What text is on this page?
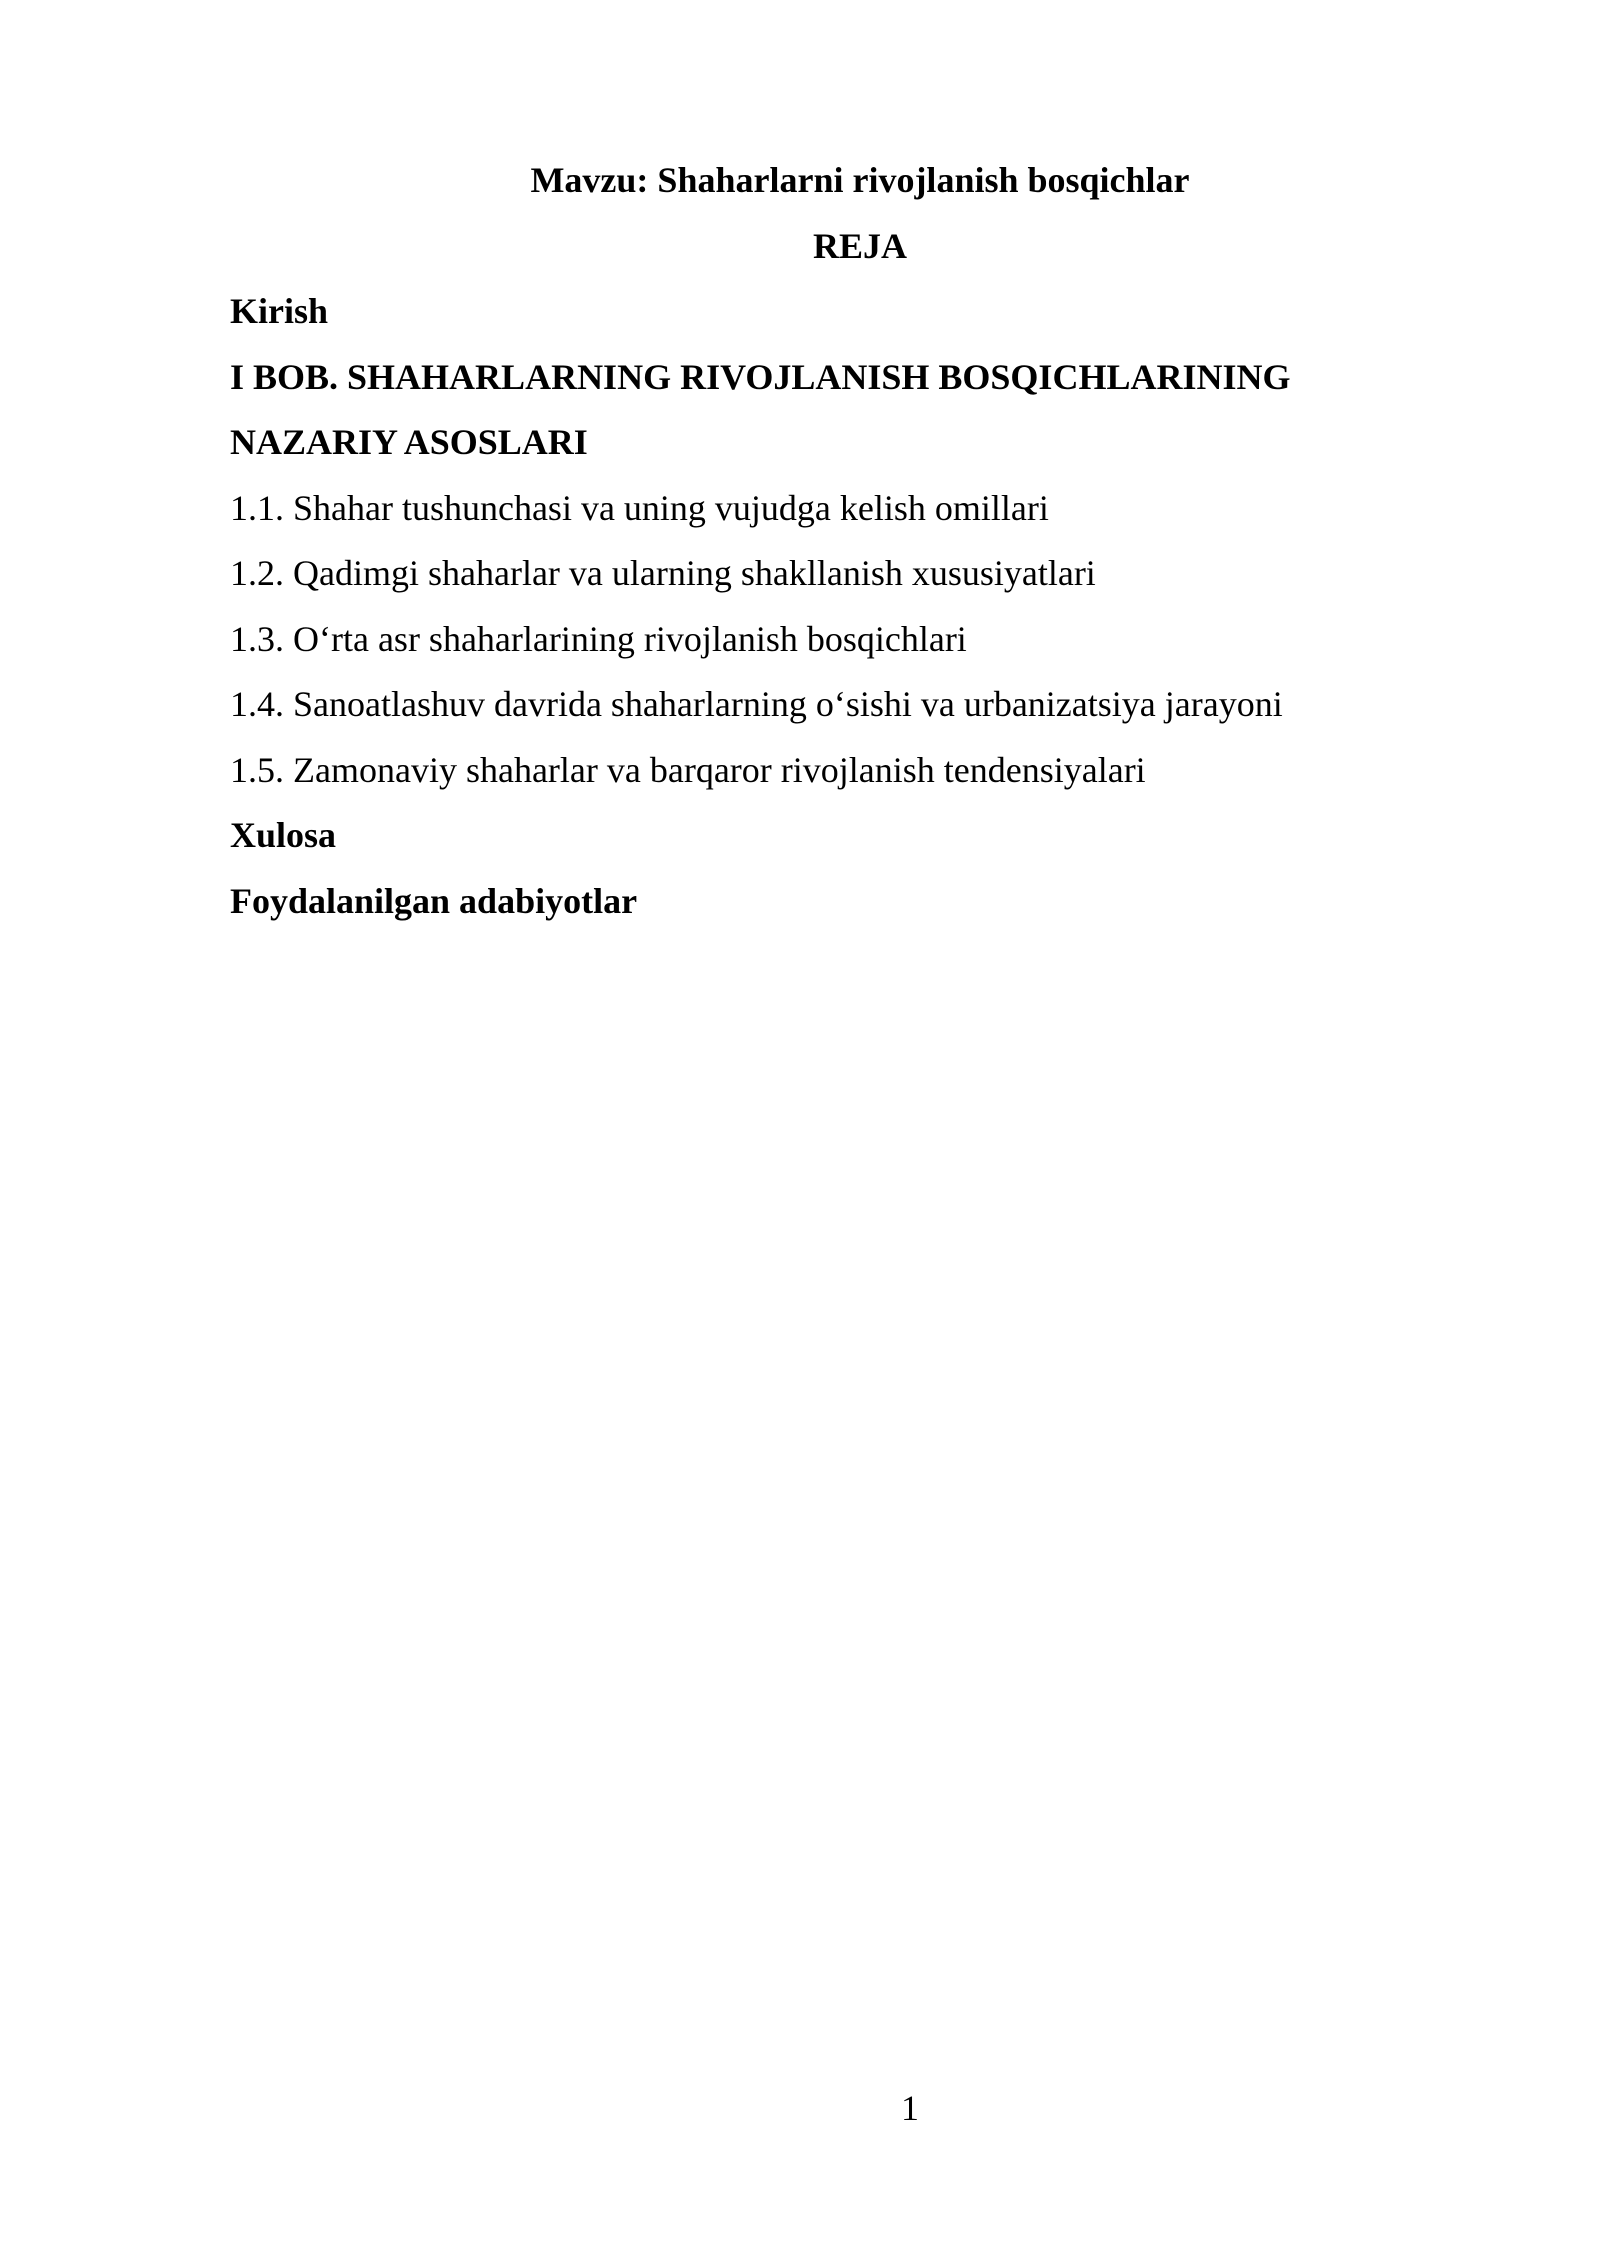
Mavzu: Shaharlarni rivojlanish bosqichlar
REJA
Kirish
I BOB. SHAHARLARNING RIVOJLANISH BOSQICHLARINING
NAZARIY ASOSLARI
1.1. Shahar tushunchasi va uning vujudga kelish omillari
1.2. Qadimgi shaharlar va ularning shakllanish xususiyatlari
1.3. O‘rta asr shaharlarining rivojlanish bosqichlari
1.4. Sanoatlashuv davrida shaharlarning o‘sishi va urbanizatsiya jarayoni
1.5. Zamonaviy shaharlar va barqaror rivojlanish tendensiyalari
Xulosa
Foydalanilgan adabiyotlar
1
